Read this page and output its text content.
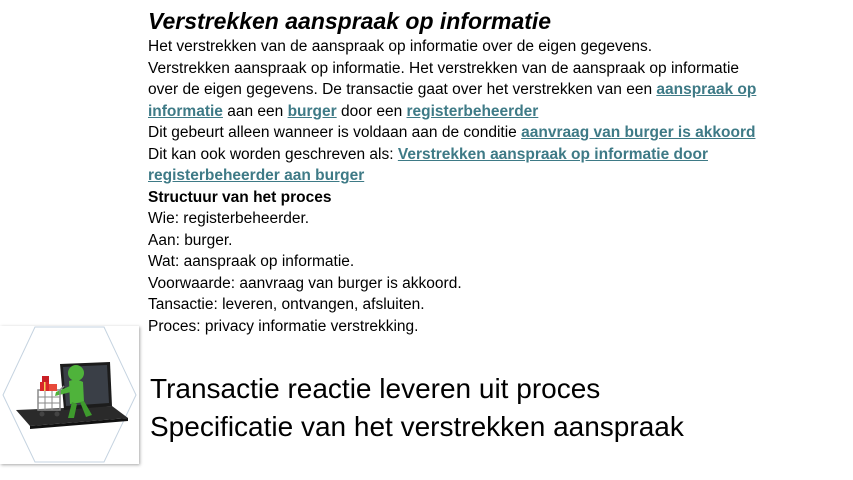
Verstrekken aanspraak op informatie
Het verstrekken van de aanspraak op informatie over de eigen gegevens.
Verstrekken aanspraak op informatie. Het verstrekken van de aanspraak op informatie
over de eigen gegevens. De transactie gaat over het verstrekken van een aanspraak op
informatie aan een burger door een registerbeheerder
Dit gebeurt alleen wanneer is voldaan aan de conditie aanvraag van burger is akkoord
Dit kan ook worden geschreven als: Verstrekken aanspraak op informatie door
registerbeheerder aan burger
Structuur van het proces
Wie: registerbeheerder.
Aan: burger.
Wat: aanspraak op informatie.
Voorwaarde: aanvraag van burger is akkoord.
Tansactie: leveren, ontvangen, afsluiten.
Proces: privacy informatie verstrekking.
Transactie reactie leveren uit proces
Specificatie van het verstrekken aanspraak
